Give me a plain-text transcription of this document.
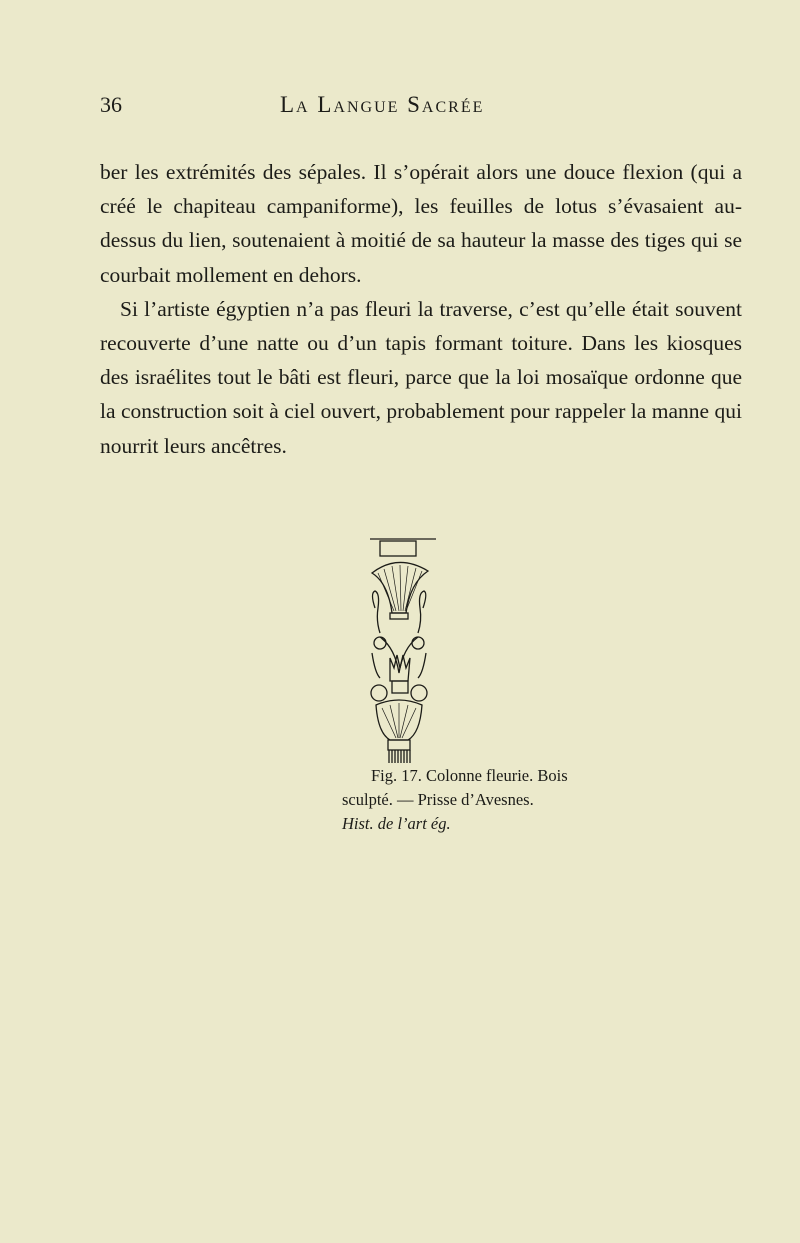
36	La Langue Sacrée

ber les extrémités des sépales. Il s’opérait alors une douce flexion (qui a créé le chapiteau campaniforme), les feuilles de lotus s’évasaient au-dessus du lien, soutenaient à moitié de sa hauteur la masse des tiges qui se courbait mollement en dehors.

Si l’artiste égyptien n’a pas fleuri la traverse, c’est qu’elle était souvent recouverte d’une natte ou d’un tapis formant toiture. Dans les kiosques des israélites tout le bâti est fleuri, parce que la loi mosaïque ordonne que la construction soit à ciel ouvert, probablement pour rappeler la manne qui nourrit leurs ancêtres.

Fig. 17. Colonne fleurie. Bois
sculpté. — Prisse d’Avesnes.
Hist. de l’art ég.
